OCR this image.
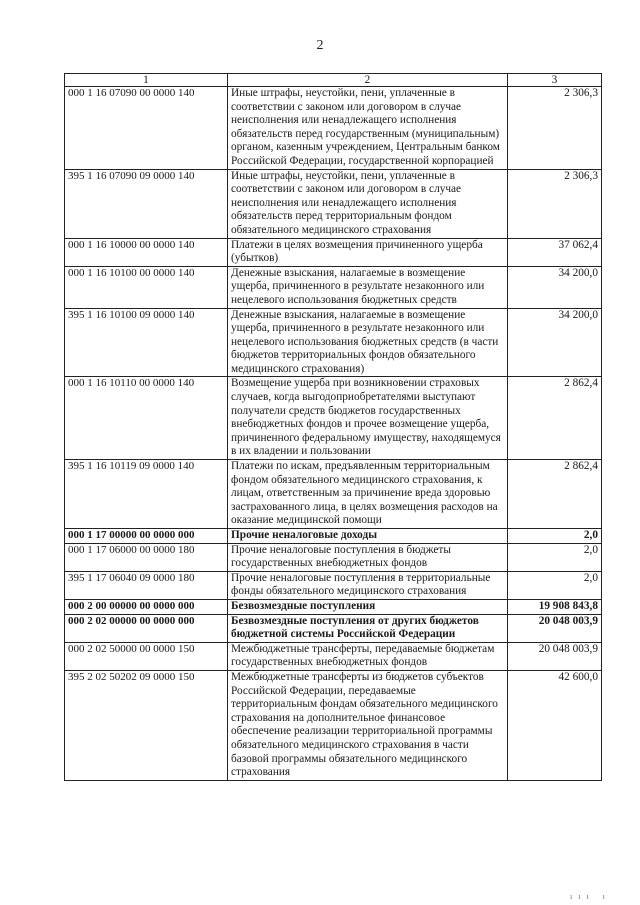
2
1	2	3
000 1 16 07090 00 0000 140	Иные штрафы, неустойки, пени, уплаченные в соответствии с законом или договором в случае неисполнения или ненадлежащего исполнения обязательств перед государственным (муниципальным) органом, казенным учреждением, Центральным банком Российской Федерации, государственной корпорацией	2 306,3
395 1 16 07090 09 0000 140	Иные штрафы, неустойки, пени, уплаченные в соответствии с законом или договором в случае неисполнения или ненадлежащего исполнения обязательств перед территориальным фондом обязательного медицинского страхования	2 306,3
000 1 16 10000 00 0000 140	Платежи в целях возмещения причиненного ущерба (убытков)	37 062,4
000 1 16 10100 00 0000 140	Денежные взыскания, налагаемые в возмещение ущерба, причиненного в результате незаконного или нецелевого использования бюджетных средств	34 200,0
395 1 16 10100 09 0000 140	Денежные взыскания, налагаемые в возмещение ущерба, причиненного в результате незаконного или нецелевого использования бюджетных средств (в части бюджетов территориальных фондов обязательного медицинского страхования)	34 200,0
000 1 16 10110 00 0000 140	Возмещение ущерба при возникновении страховых случаев, когда выгодоприобретателями выступают получатели средств бюджетов государственных внебюджетных фондов и прочее возмещение ущерба, причиненного федеральному имуществу, находящемуся в их владении и пользовании	2 862,4
395 1 16 10119 09 0000 140	Платежи по искам, предъявленным территориальным фондом обязательного медицинского страхования, к лицам, ответственным за причинение вреда здоровью застрахованного лица, в целях возмещения расходов на оказание медицинской помощи	2 862,4
000 1 17 00000 00 0000 000	Прочие неналоговые доходы	2,0
000 1 17 06000 00 0000 180	Прочие неналоговые поступления в бюджеты государственных внебюджетных фондов	2,0
395 1 17 06040 09 0000 180	Прочие неналоговые поступления в территориальные фонды обязательного медицинского страхования	2,0
000 2 00 00000 00 0000 000	Безвозмездные поступления	19 908 843,8
000 2 02 00000 00 0000 000	Безвозмездные поступления от других бюджетов бюджетной системы Российской Федерации	20 048 003,9
000 2 02 50000 00 0000 150	Межбюджетные трансферты, передаваемые бюджетам государственных внебюджетных фондов	20 048 003,9
395 2 02 50202 09 0000 150	Межбюджетные трансферты из бюджетов субъектов Российской Федерации, передаваемые территориальным фондам обязательного медицинского страхования на дополнительное финансовое обеспечение реализации территориальной программы обязательного медицинского страхования в части базовой программы обязательного медицинского страхования	42 600,0
ııı ı
